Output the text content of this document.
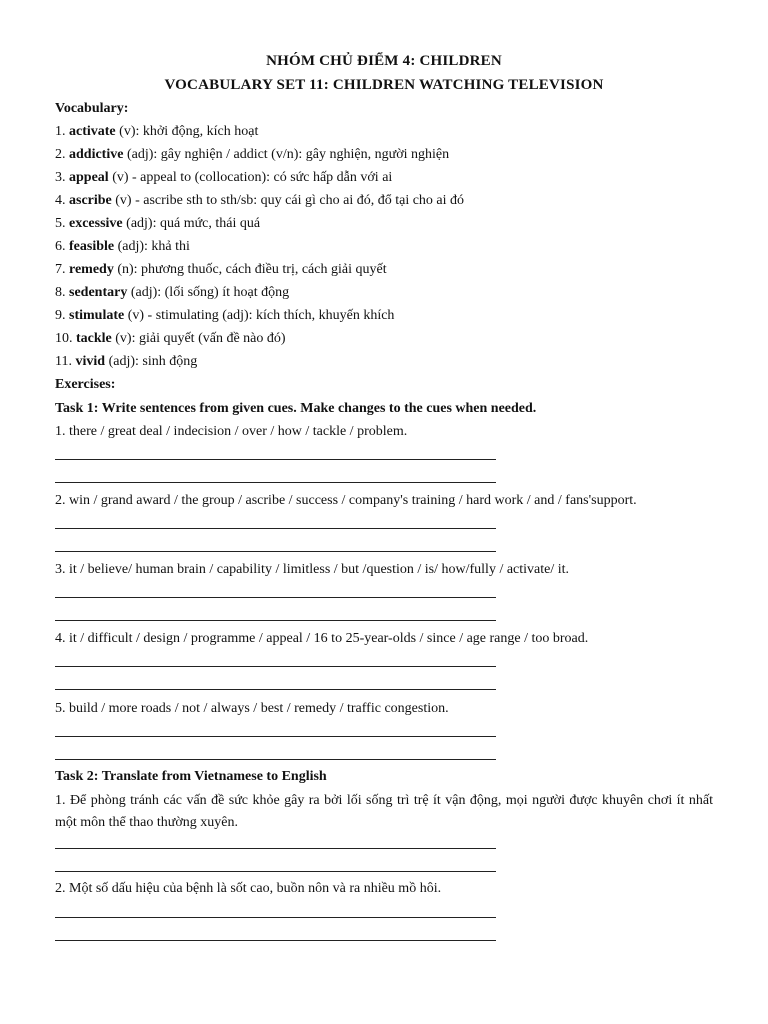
NHÓM CHỦ ĐIỂM 4: CHILDREN
VOCABULARY SET 11: CHILDREN WATCHING TELEVISION
Vocabulary:
1. activate (v): khởi động, kích hoạt
2. addictive (adj): gây nghiện / addict (v/n): gây nghiện, người nghiện
3. appeal (v) - appeal to (collocation): có sức hấp dẫn với ai
4. ascribe (v) - ascribe sth to sth/sb: quy cái gì cho ai đó, đổ tại cho ai đó
5. excessive (adj): quá mức, thái quá
6. feasible (adj): khả thi
7. remedy (n): phương thuốc, cách điều trị, cách giải quyết
8. sedentary (adj): (lối sống) ít hoạt động
9. stimulate (v) - stimulating (adj): kích thích, khuyến khích
10. tackle (v): giải quyết (vấn đề nào đó)
11. vivid (adj): sinh động
Exercises:
Task 1: Write sentences from given cues. Make changes to the cues when needed.
1. there / great deal / indecision / over / how / tackle / problem.
2. win / grand award / the group / ascribe / success / company's training / hard work / and / fans'support.
3. it / believe/ human brain / capability / limitless / but /question / is/ how/fully / activate/ it.
4. it / difficult / design / programme / appeal / 16 to 25-year-olds / since / age range / too broad.
5. build / more roads / not / always / best / remedy / traffic congestion.
Task 2: Translate from Vietnamese to English
1. Để phòng tránh các vấn đề sức khỏe gây ra bởi lối sống trì trệ ít vận động, mọi người được khuyên chơi ít nhất một môn thể thao thường xuyên.
2. Một số dấu hiệu của bệnh là sốt cao, buồn nôn và ra nhiều mồ hôi.
